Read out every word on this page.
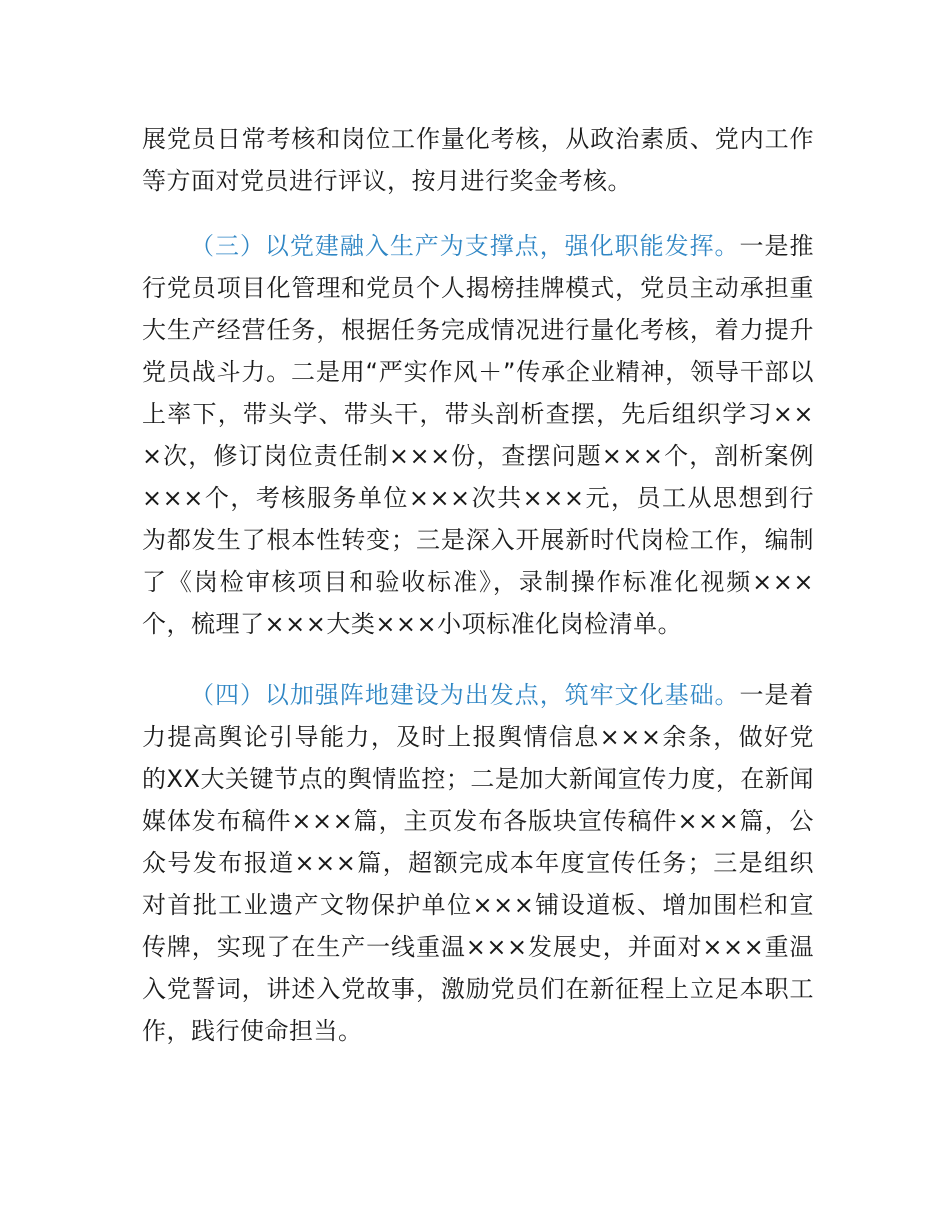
展党员日常考核和岗位工作量化考核，从政治素质、党内工作等方面对党员进行评议，按月进行奖金考核。

（三）以党建融入生产为支撑点，强化职能发挥。一是推行党员项目化管理和党员个人揭榜挂牌模式，党员主动承担重大生产经营任务，根据任务完成情况进行量化考核，着力提升党员战斗力。二是用“严实作风＋”传承企业精神，领导干部以上率下，带头学、带头干，带头剖析查摆，先后组织学习×××次，修订岗位责任制×××份，查摆问题×××个，剖析案例×××个，考核服务单位×××次共×××元，员工从思想到行为都发生了根本性转变；三是深入开展新时代岗检工作，编制了《岗检审核项目和验收标准》，录制操作标准化视频×××个，梳理了×××大类×××小项标准化岗检清单。

（四）以加强阵地建设为出发点，筑牢文化基础。一是着力提高舆论引导能力，及时上报舆情信息×××余条，做好党的XX大关键节点的舆情监控；二是加大新闻宣传力度，在新闻媒体发布稿件×××篇，主页发布各版块宣传稿件×××篇，公众号发布报道×××篇，超额完成本年度宣传任务；三是组织对首批工业遗产文物保护单位×××铺设道板、增加围栏和宣传牌，实现了在生产一线重温×××发展史，并面对×××重温入党誓词，讲述入党故事，激励党员们在新征程上立足本职工作，践行使命担当。
